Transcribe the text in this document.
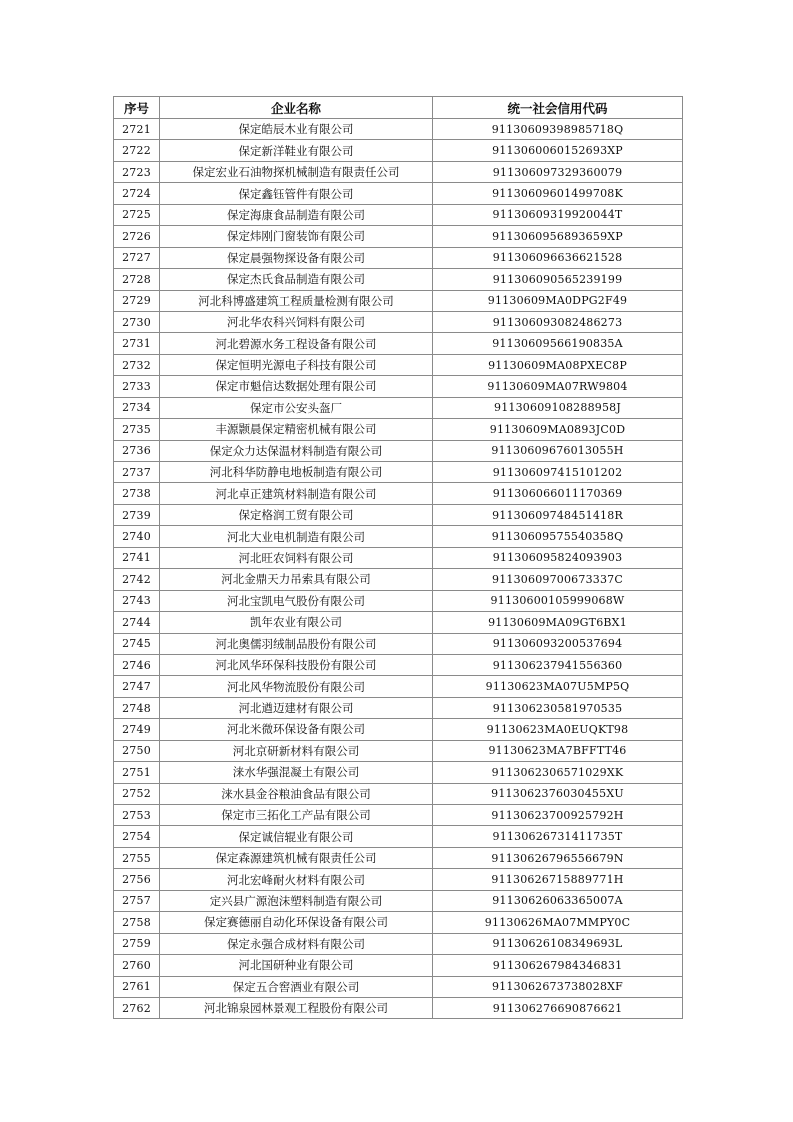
序号	企业名称	统一社会信用代码
2721	保定皓辰木业有限公司	91130609398985718Q
2722	保定新洋鞋业有限公司	9113060060152693XP
2723	保定宏业石油物探机械制造有限责任公司	911306097329360079
2724	保定鑫钰管件有限公司	91130609601499708K
2725	保定海康食品制造有限公司	91130609319920044T
2726	保定炜刚门窗装饰有限公司	9113060956893659XP
2727	保定晨强物探设备有限公司	911306096636621528
2728	保定杰氏食品制造有限公司	911306090565239199
2729	河北科博盛建筑工程质量检测有限公司	91130609MA0DPG2F49
2730	河北华农科兴饲料有限公司	911306093082486273
2731	河北碧源水务工程设备有限公司	91130609566190835A
2732	保定恒明光源电子科技有限公司	91130609MA08PXEC8P
2733	保定市魁信达数据处理有限公司	91130609MA07RW9804
2734	保定市公安头盔厂	91130609108288958J
2735	丰源颢晨保定精密机械有限公司	91130609MA0893JC0D
2736	保定众力达保温材料制造有限公司	91130609676013055H
2737	河北科华防静电地板制造有限公司	911306097415101202
2738	河北卓正建筑材料制造有限公司	911306066011170369
2739	保定格润工贸有限公司	91130609748451418R
2740	河北大业电机制造有限公司	91130609575540358Q
2741	河北旺农饲料有限公司	911306095824093903
2742	河北金鼎天力吊索具有限公司	91130609700673337C
2743	河北宝凯电气股份有限公司	91130600105999068W
2744	凯年农业有限公司	91130609MA09GT6BX1
2745	河北奥儒羽绒制品股份有限公司	911306093200537694
2746	河北风华环保科技股份有限公司	911306237941556360
2747	河北风华物流股份有限公司	91130623MA07U5MP5Q
2748	河北遒迈建材有限公司	911306230581970535
2749	河北米微环保设备有限公司	91130623MA0EUQKT98
2750	河北京研新材料有限公司	91130623MA7BFFTT46
2751	涞水华强混凝土有限公司	9113062306571029XK
2752	涞水县金谷粮油食品有限公司	9113062376030455XU
2753	保定市三拓化工产品有限公司	91130623700925792H
2754	保定诚信辊业有限公司	91130626731411735T
2755	保定森源建筑机械有限责任公司	91130626796556679N
2756	河北宏峰耐火材料有限公司	91130626715889771H
2757	定兴县广源泡沫塑料制造有限公司	91130626063365007A
2758	保定赛德丽自动化环保设备有限公司	91130626MA07MMPY0C
2759	保定永强合成材料有限公司	91130626108349693L
2760	河北国研种业有限公司	911306267984346831
2761	保定五合窖酒业有限公司	9113062673738028XF
2762	河北锦泉园林景观工程股份有限公司	911306276690876621
